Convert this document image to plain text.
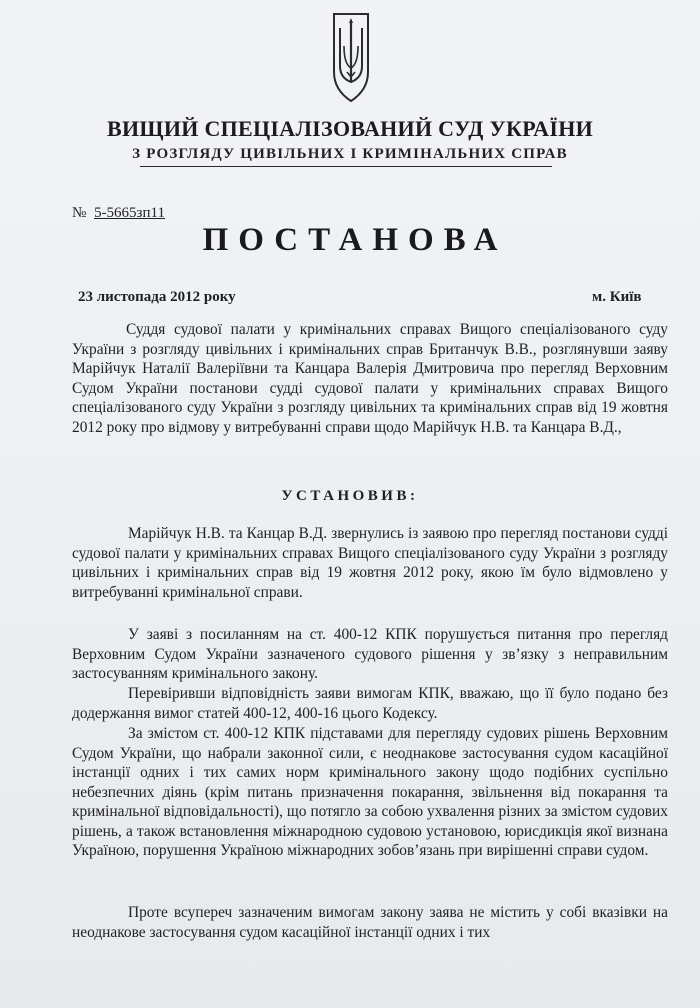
ВИЩИЙ СПЕЦІАЛІЗОВАНИЙ СУД УКРАЇНИ
З РОЗГЛЯДУ ЦИВІЛЬНИХ І КРИМІНАЛЬНИХ СПРАВ
№ 5-5665зп11
ПОСТАНОВА
23 листопада 2012 року	м. Київ

Суддя судової палати у кримінальних справах Вищого спеціалізованого суду України з розгляду цивільних і кримінальних справ Бритaнчук В.В., розглянувши заяву Марійчук Наталії Валеріївни та Канцара Валерія Дмитровича про перегляд Верховним Судом України постанови судді судової палати у кримінальних справах Вищого спеціалізованого суду України з розгляду цивільних та кримінальних справ від 19 жовтня 2012 року про відмову у витребуванні справи щодо Марійчук Н.В. та Канцара В.Д.,

УСТАНОВИВ:

Марійчук Н.В. та Канцар В.Д. звернулись із заявою про перегляд постанови судді судової палати у кримінальних справах Вищого спеціалізованого суду України з розгляду цивільних і кримінальних справ від 19 жовтня 2012 року, якою їм було відмовлено у витребуванні кримінальної справи.

У заяві з посиланням на ст. 400-12 КПК порушується питання про перегляд Верховним Судом України зазначеного судового рішення у зв’язку з неправильним застосуванням кримінального закону.

Перевіривши відповідність заяви вимогам КПК, вважаю, що її було подано без додержання вимог статей 400-12, 400-16 цього Кодексу.

За змістом ст. 400-12 КПК підставами для перегляду судових рішень Верховним Судом України, що набрали законної сили, є неоднакове застосування судом касаційної інстанції одних і тих самих норм кримінального закону щодо подібних суспільно небезпечних діянь (крім питань призначення покарання, звільнення від покарання та кримінальної відповідальності), що потягло за собою ухвалення різних за змістом судових рішень, а також встановлення міжнародною судовою установою, юрисдикція якої визнана Україною, порушення Україною міжнародних зобов’язань при вирішенні справи судом.

Проте всупереч зазначеним вимогам закону заява не містить у собі вказівки на неоднакове застосування судом касаційної інстанції одних і тих
